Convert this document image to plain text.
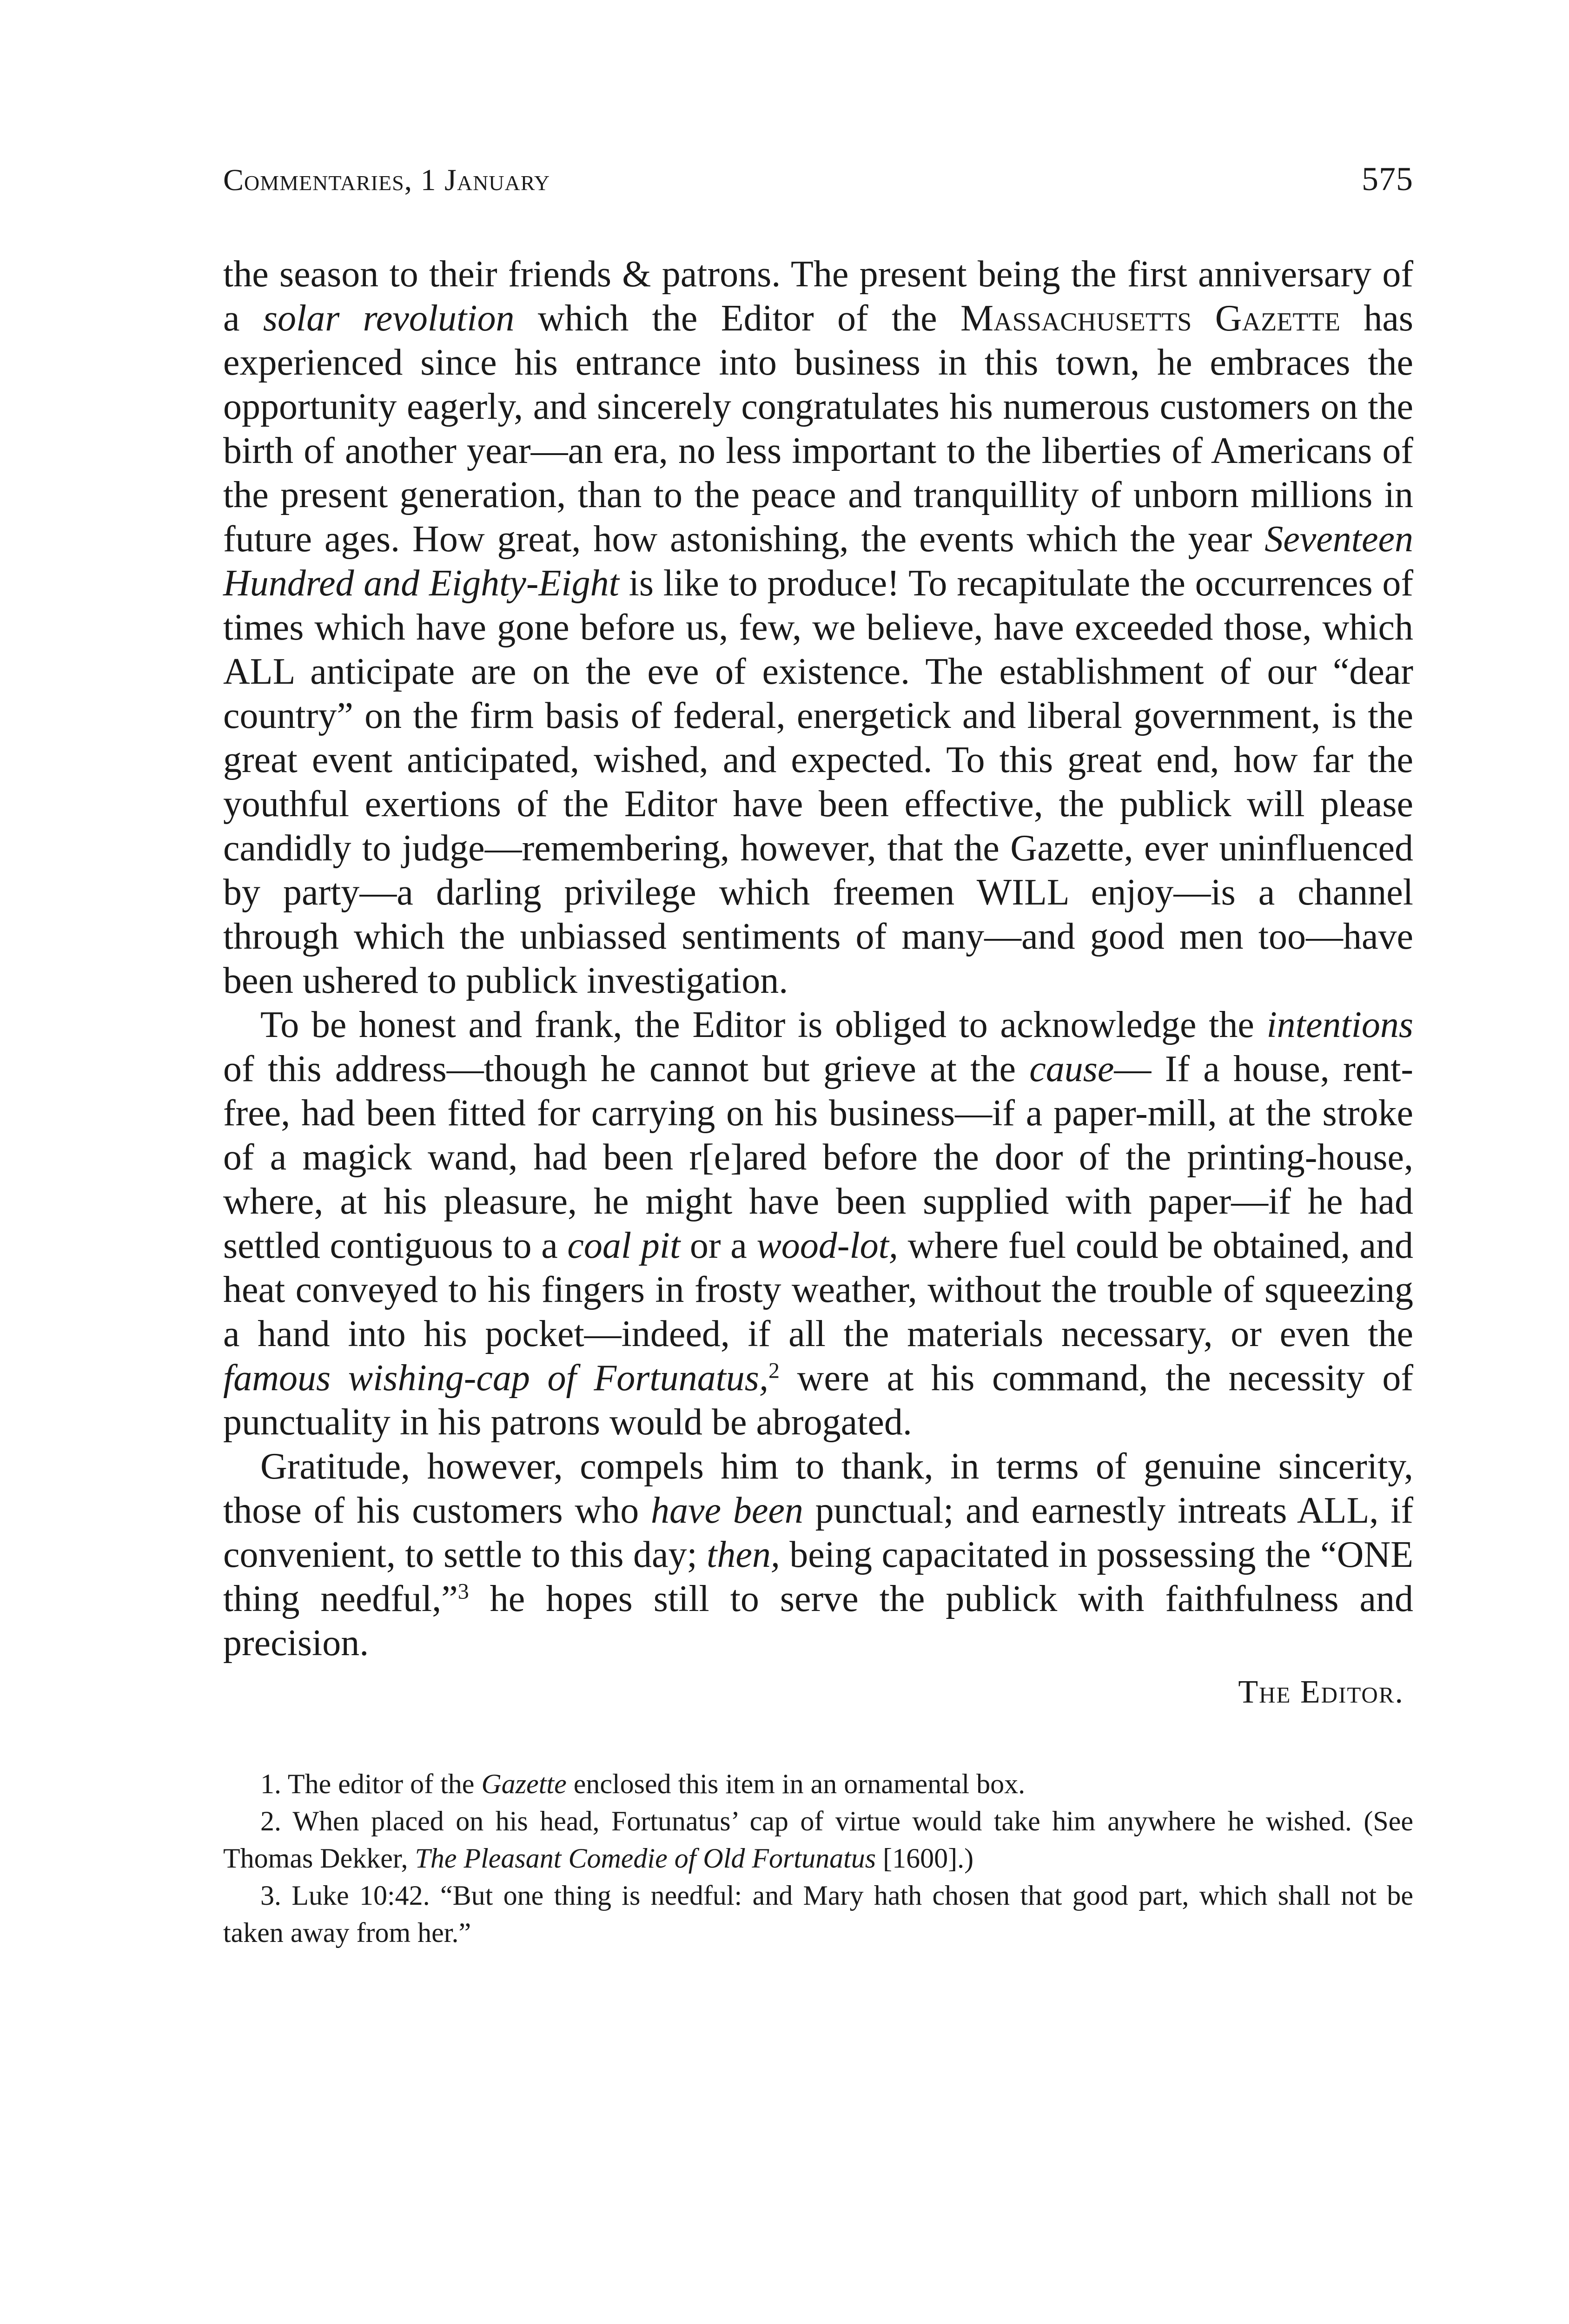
Commentaries, 1 January	575

the season to their friends & patrons. The present being the first anniversary of a solar revolution which the Editor of the Massachusetts Gazette has experienced since his entrance into business in this town, he embraces the opportunity eagerly, and sincerely congratulates his numerous customers on the birth of another year—an era, no less important to the liberties of Americans of the present generation, than to the peace and tranquillity of unborn millions in future ages. How great, how astonishing, the events which the year Seventeen Hundred and Eighty-Eight is like to produce! To recapitulate the occurrences of times which have gone before us, few, we believe, have exceeded those, which ALL anticipate are on the eve of existence. The establishment of our “dear country” on the firm basis of federal, energetick and liberal government, is the great event anticipated, wished, and expected. To this great end, how far the youthful exertions of the Editor have been effective, the publick will please candidly to judge—remembering, however, that the Gazette, ever uninfluenced by party—a darling privilege which freemen WILL enjoy—is a channel through which the unbiassed sentiments of many—and good men too—have been ushered to publick investigation.

To be honest and frank, the Editor is obliged to acknowledge the intentions of this address—though he cannot but grieve at the cause— If a house, rent-free, had been fitted for carrying on his business—if a paper-mill, at the stroke of a magick wand, had been r[e]ared before the door of the printing-house, where, at his pleasure, he might have been supplied with paper—if he had settled contiguous to a coal pit or a wood-lot, where fuel could be obtained, and heat conveyed to his fingers in frosty weather, without the trouble of squeezing a hand into his pocket—indeed, if all the materials necessary, or even the famous wishing-cap of Fortunatus,$^2$ were at his command, the necessity of punctuality in his patrons would be abrogated.

Gratitude, however, compels him to thank, in terms of genuine sincerity, those of his customers who have been punctual; and earnestly intreats ALL, if convenient, to settle to this day; then, being capacitated in possessing the “ONE thing needful,”$^3$ he hopes still to serve the publick with faithfulness and precision.

The Editor.

1. The editor of the Gazette enclosed this item in an ornamental box.

2. When placed on his head, Fortunatus’ cap of virtue would take him anywhere he wished. (See Thomas Dekker, The Pleasant Comedie of Old Fortunatus [1600].)

3. Luke 10:42. “But one thing is needful: and Mary hath chosen that good part, which shall not be taken away from her.”
